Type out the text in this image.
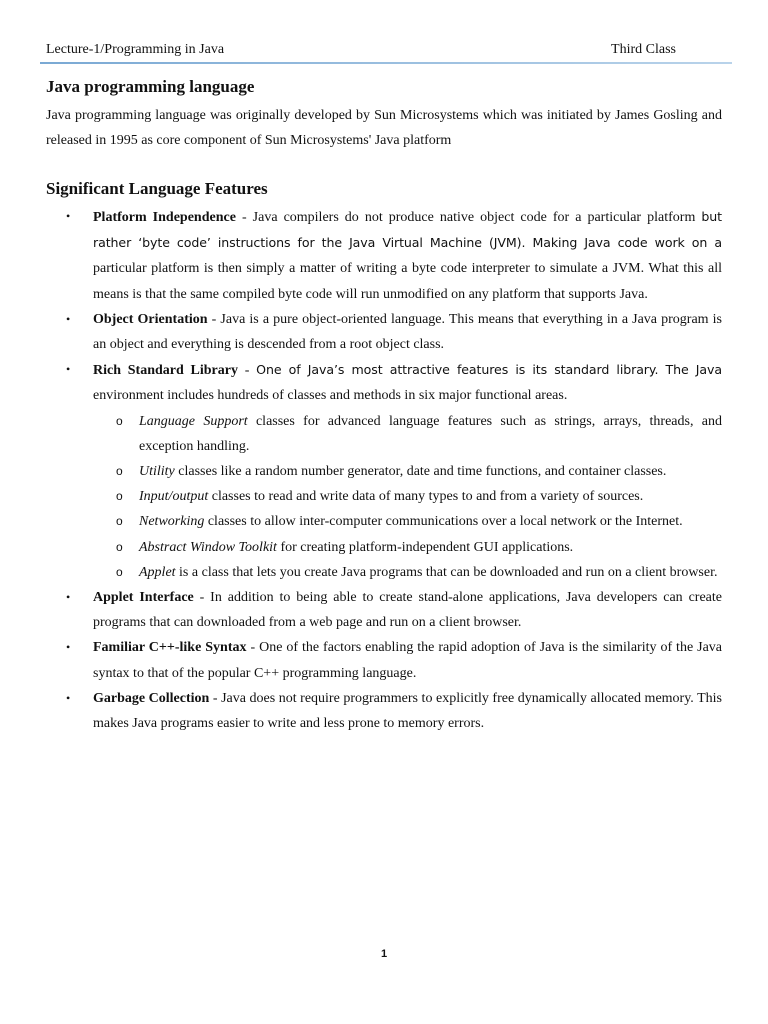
Lecture-1/Programming in Java	Third Class
Java programming language

Java programming language was originally developed by Sun Microsystems which was initiated by James Gosling and released in 1995 as core component of Sun Microsystems' Java platform

Significant Language Features
• Platform Independence - Java compilers do not produce native object code for a particular platform but rather ‘byte code’ instructions for the Java Virtual Machine (JVM). Making Java code work on a particular platform is then simply a matter of writing a byte code interpreter to simulate a JVM. What this all means is that the same compiled byte code will run unmodified on any platform that supports Java.
• Object Orientation - Java is a pure object-oriented language. This means that everything in a Java program is an object and everything is descended from a root object class.
• Rich Standard Library - One of Java’s most attractive features is its standard library. The Java environment includes hundreds of classes and methods in six major functional areas.
o Language Support classes for advanced language features such as strings, arrays, threads, and exception handling.
o Utility classes like a random number generator, date and time functions, and container classes.
o Input/output classes to read and write data of many types to and from a variety of sources.
o Networking classes to allow inter-computer communications over a local network or the Internet.
o Abstract Window Toolkit for creating platform-independent GUI applications.
o Applet is a class that lets you create Java programs that can be downloaded and run on a client browser.
• Applet Interface - In addition to being able to create stand-alone applications, Java developers can create programs that can downloaded from a web page and run on a client browser.
• Familiar C++-like Syntax - One of the factors enabling the rapid adoption of Java is the similarity of the Java syntax to that of the popular C++ programming language.
• Garbage Collection - Java does not require programmers to explicitly free dynamically allocated memory. This makes Java programs easier to write and less prone to memory errors.
1
